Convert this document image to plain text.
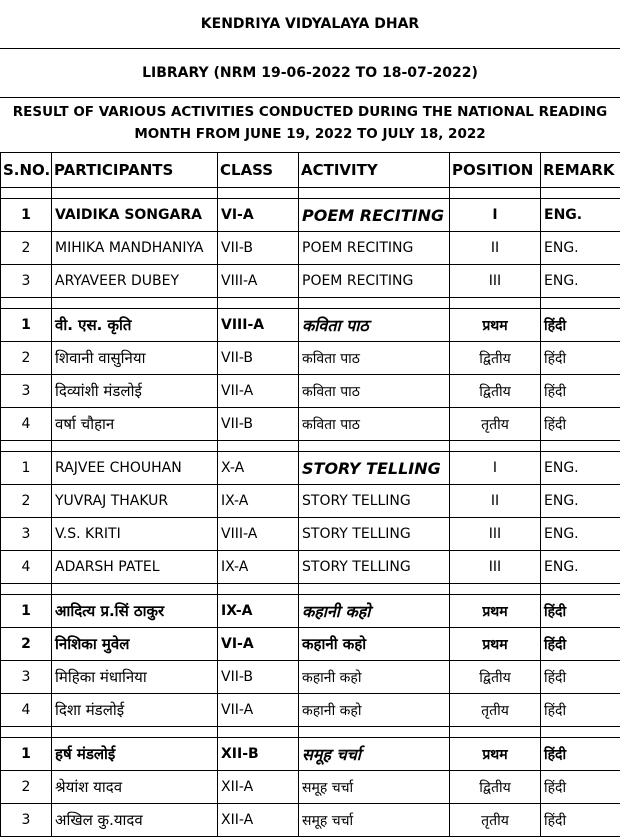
KENDRIYA VIDYALAYA DHAR
LIBRARY (NRM 19-06-2022 TO 18-07-2022)
RESULT OF VARIOUS ACTIVITIES CONDUCTED DURING THE NATIONAL READING
MONTH FROM JUNE 19, 2022 TO JULY 18, 2022
S.NO.	PARTICIPANTS	CLASS	ACTIVITY	POSITION	REMARK

1	VAIDIKA SONGARA	VI-A	POEM RECITING	I	ENG.
2	MIHIKA MANDHANIYA	VII-B	POEM RECITING	II	ENG.
3	ARYAVEER DUBEY	VIII-A	POEM RECITING	III	ENG.

1	वी. एस. कृति	VIII-A	कविता पाठ	प्रथम	हिंदी
2	शिवानी वासुनिया	VII-B	कविता पाठ	द्वितीय	हिंदी
3	दिव्यांशी मंडलोई	VII-A	कविता पाठ	द्वितीय	हिंदी
4	वर्षा चौहान	VII-B	कविता पाठ	तृतीय	हिंदी

1	RAJVEE CHOUHAN	X-A	STORY TELLING	I	ENG.
2	YUVRAJ THAKUR	IX-A	STORY TELLING	II	ENG.
3	V.S. KRITI	VIII-A	STORY TELLING	III	ENG.
4	ADARSH PATEL	IX-A	STORY TELLING	III	ENG.

1	आदित्य प्र.सिं ठाकुर	IX-A	कहानी कहो	प्रथम	हिंदी
2	निशिका मुवेल	VI-A	कहानी कहो	प्रथम	हिंदी
3	मिहिका मंधानिया	VII-B	कहानी कहो	द्वितीय	हिंदी
4	दिशा मंडलोई	VII-A	कहानी कहो	तृतीय	हिंदी

1	हर्ष मंडलोई	XII-B	समूह चर्चा	प्रथम	हिंदी
2	श्रेयांश यादव	XII-A	समूह चर्चा	द्वितीय	हिंदी
3	अखिल कु.यादव	XII-A	समूह चर्चा	तृतीय	हिंदी
